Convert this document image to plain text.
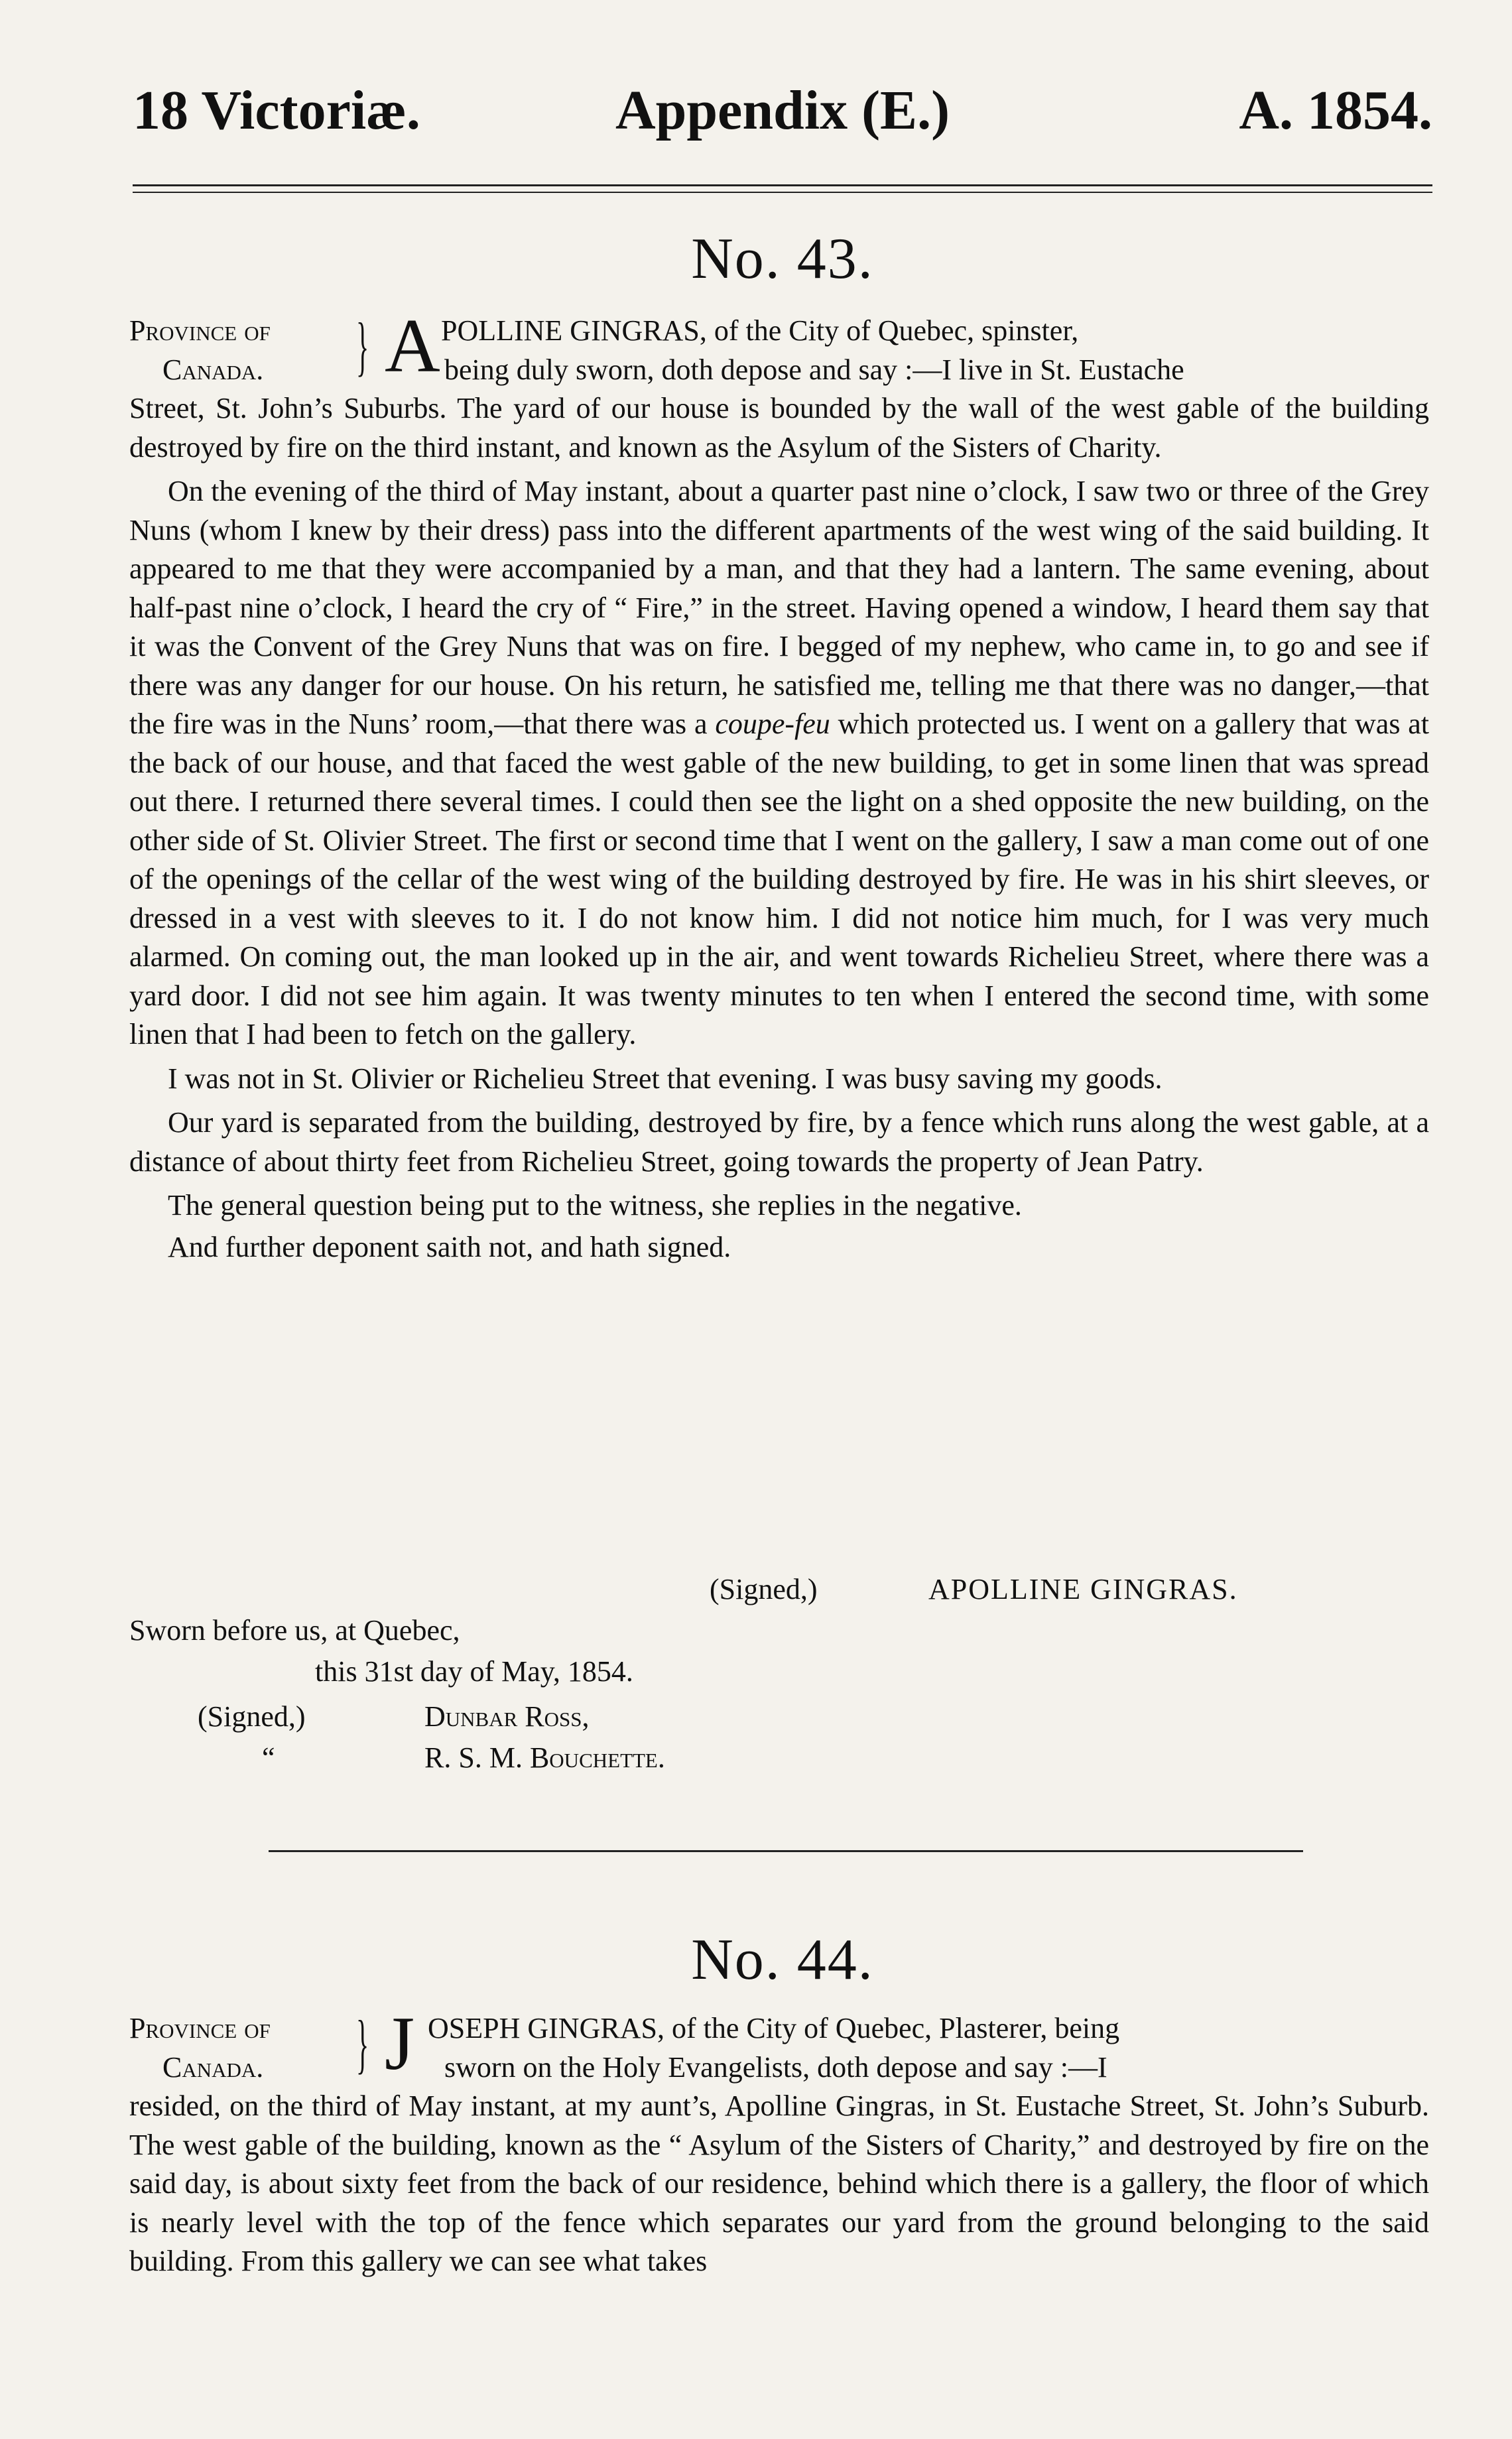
18 Victoriæ.	Appendix (E.)	A. 1854.
No. 43.
Province of
Canada.	} A POLLINE GINGRAS, of the City of Quebec, spinster,
being duly sworn, doth depose and say :—I live in St. Eustache

Street, St. John’s Suburbs. The yard of our house is bounded by the wall of the west gable of the building destroyed by fire on the third instant, and known as the Asylum of the Sisters of Charity.

On the evening of the third of May instant, about a quarter past nine o’clock, I saw two or three of the Grey Nuns (whom I knew by their dress) pass into the different apartments of the west wing of the said building. It appeared to me that they were accompanied by a man, and that they had a lantern. The same evening, about half-past nine o’clock, I heard the cry of “ Fire,” in the street. Having opened a window, I heard them say that it was the Convent of the Grey Nuns that was on fire. I begged of my nephew, who came in, to go and see if there was any danger for our house. On his return, he satisfied me, telling me that there was no danger,—that the fire was in the Nuns’ room,—that there was a coupe-feu which protected us. I went on a gallery that was at the back of our house, and that faced the west gable of the new building, to get in some linen that was spread out there. I returned there several times. I could then see the light on a shed opposite the new building, on the other side of St. Olivier Street. The first or second time that I went on the gallery, I saw a man come out of one of the openings of the cellar of the west wing of the building destroyed by fire. He was in his shirt sleeves, or dressed in a vest with sleeves to it. I do not know him. I did not notice him much, for I was very much alarmed. On coming out, the man looked up in the air, and went towards Richelieu Street, where there was a yard door. I did not see him again. It was twenty minutes to ten when I entered the second time, with some linen that I had been to fetch on the gallery.

I was not in St. Olivier or Richelieu Street that evening. I was busy saving my goods.

Our yard is separated from the building, destroyed by fire, by a fence which runs along the west gable, at a distance of about thirty feet from Richelieu Street, going towards the property of Jean Patry.

The general question being put to the witness, she replies in the negative.

And further deponent saith not, and hath signed.

(Signed,)	APOLLINE GINGRAS.
Sworn before us, at Quebec,
this 31st day of May, 1854.
(Signed,)	Dunbar Ross,
“	R. S. M. Bouchette.
No. 44.
Province of
Canada.	} J OSEPH GINGRAS, of the City of Quebec, Plasterer, being
sworn on the Holy Evangelists, doth depose and say :—I

resided, on the third of May instant, at my aunt’s, Apolline Gingras, in St. Eustache Street, St. John’s Suburb. The west gable of the building, known as the “ Asylum of the Sisters of Charity,” and destroyed by fire on the said day, is about sixty feet from the back of our residence, behind which there is a gallery, the floor of which is nearly level with the top of the fence which separates our yard from the ground belonging to the said building. From this gallery we can see what takes
